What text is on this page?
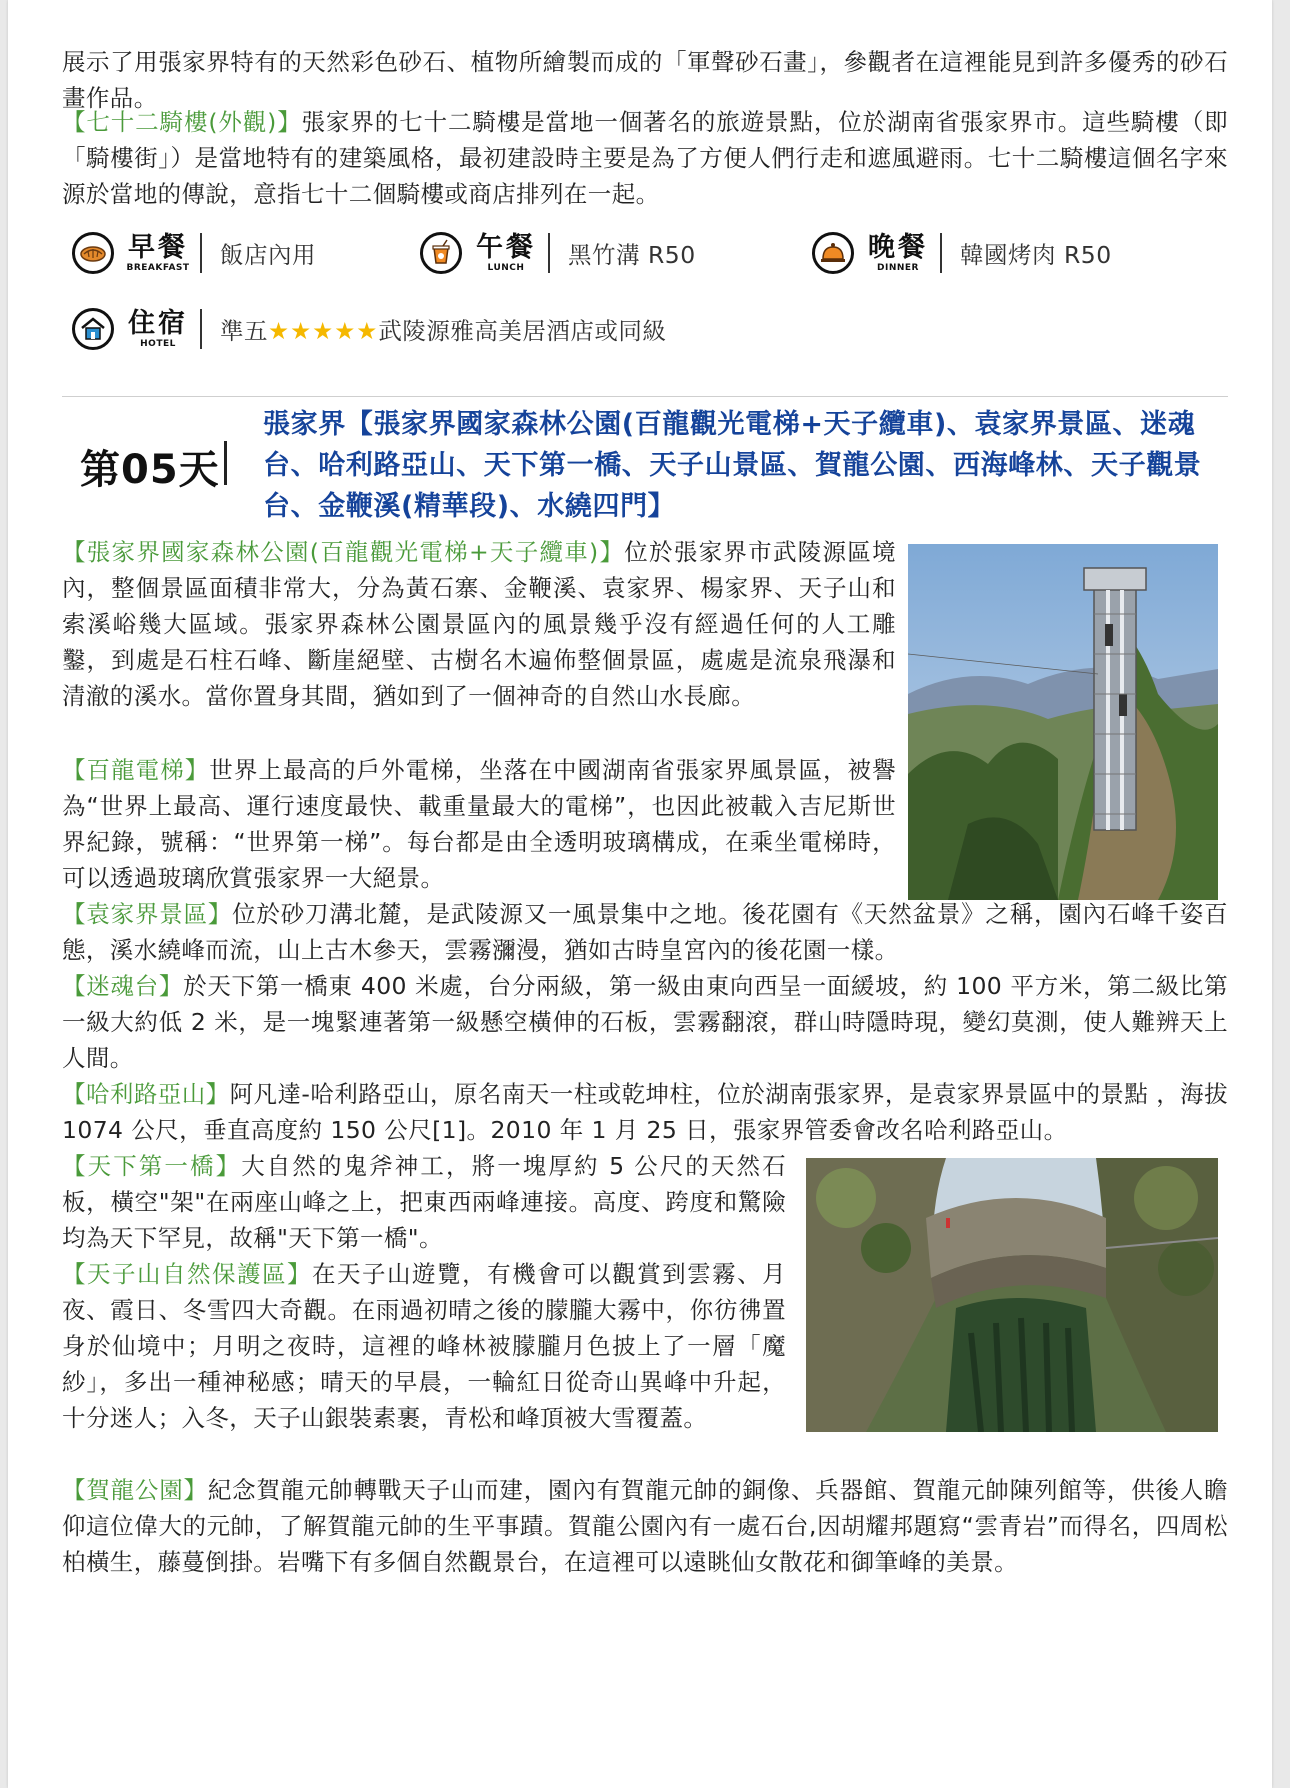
展示了用張家界特有的天然彩色砂石、植物所繪製而成的「軍聲砂石畫」，參觀者在這裡能見到許多優秀的砂石畫作品。
【七十二騎樓(外觀)】張家界的七十二騎樓是當地一個著名的旅遊景點，位於湖南省張家界市。這些騎樓（即「騎樓街」）是當地特有的建築風格，最初建設時主要是為了方便人們行走和遮風避雨。七十二騎樓這個名字來源於當地的傳說，意指七十二個騎樓或商店排列在一起。
早餐
BREAKFAST 飯店內用	午餐
LUNCH 黑竹溝 R50	晚餐
DINNER 韓國烤肉 R50
住宿
HOTEL 準五★★★★★武陵源雅高美居酒店或同級
第05天
張家界【張家界國家森林公園(百龍觀光電梯+天子纜車)、袁家界景區、迷魂台、哈利路亞山、天下第一橋、天子山景區、賀龍公園、西海峰林、天子觀景台、金鞭溪(精華段)、水繞四門】
【張家界國家森林公園(百龍觀光電梯+天子纜車)】位於張家界市武陵源區境內，整個景區面積非常大，分為黃石寨、金鞭溪、袁家界、楊家界、天子山和索溪峪幾大區域。張家界森林公園景區內的風景幾乎沒有經過任何的人工雕鑿，到處是石柱石峰、斷崖絕壁、古樹名木遍佈整個景區，處處是流泉飛瀑和清澈的溪水。當你置身其間，猶如到了一個神奇的自然山水長廊。
【百龍電梯】世界上最高的戶外電梯，坐落在中國湖南省張家界風景區，被譽為“世界上最高、運行速度最快、載重量最大的電梯”，也因此被載入吉尼斯世界紀錄，號稱：“世界第一梯”。每台都是由全透明玻璃構成，在乘坐電梯時，可以透過玻璃欣賞張家界一大絕景。
【袁家界景區】位於砂刀溝北麓，是武陵源又一風景集中之地。後花園有《天然盆景》之稱，園內石峰千姿百態，溪水繞峰而流，山上古木參天，雲霧瀰漫，猶如古時皇宮內的後花園一樣。
【迷魂台】於天下第一橋東 400 米處，台分兩級，第一級由東向西呈一面緩坡，約 100 平方米，第二級比第一級大約低 2 米，是一塊緊連著第一級懸空橫伸的石板，雲霧翻滾，群山時隱時現，變幻莫測，使人難辨天上人間。
【哈利路亞山】阿凡達-哈利路亞山，原名南天一柱或乾坤柱，位於湖南張家界，是袁家界景區中的景點 ，海拔 1074 公尺，垂直高度約 150 公尺[1]。2010 年 1 月 25 日，張家界管委會改名哈利路亞山。
【天下第一橋】大自然的鬼斧神工，將一塊厚約 5 公尺的天然石板，橫空"架"在兩座山峰之上，把東西兩峰連接。高度、跨度和驚險均為天下罕見，故稱"天下第一橋"。
【天子山自然保護區】在天子山遊覽，有機會可以觀賞到雲霧、月夜、霞日、冬雪四大奇觀。在雨過初晴之後的朦朧大霧中，你彷彿置身於仙境中；月明之夜時，這裡的峰林被朦朧月色披上了一層「魔紗」，多出一種神秘感；晴天的早晨，一輪紅日從奇山異峰中升起，十分迷人；入冬，天子山銀裝素裹，青松和峰頂被大雪覆蓋。
【賀龍公園】紀念賀龍元帥轉戰天子山而建，園內有賀龍元帥的銅像、兵器館、賀龍元帥陳列館等，供後人瞻仰這位偉大的元帥，了解賀龍元帥的生平事蹟。賀龍公園內有一處石台,因胡耀邦題寫“雲青岩”而得名，四周松柏橫生，藤蔓倒掛。岩嘴下有多個自然觀景台，在這裡可以遠眺仙女散花和御筆峰的美景。
